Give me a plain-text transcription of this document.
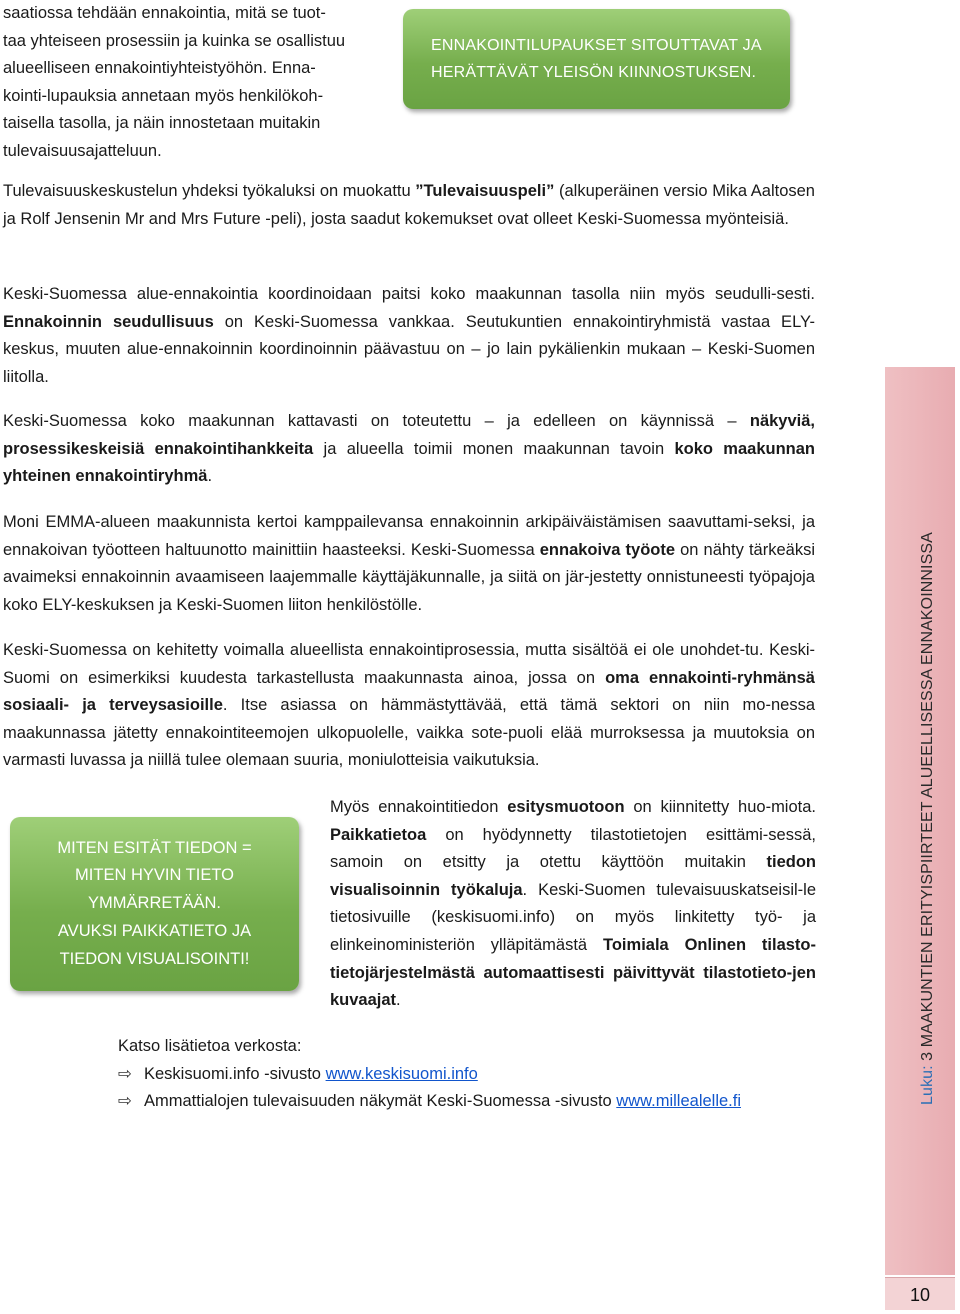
saatiossa tehdään ennakointia, mitä se tuot-
taa yhteiseen prosessiin ja kuinka se osallistuu
alueelliseen ennakointiyhteistyöhön. Enna-
kointi-lupauksia annetaan myös henkilökoh-
taisella tasolla, ja näin innostetaan muitakin
tulevaisuusajatteluun.
ENNAKOINTILUPAUKSET SITOUTTAVAT JA
HERÄTTÄVÄT YLEISÖN KIINNOSTUKSEN.

Tulevaisuuskeskustelun yhdeksi työkaluksi on muokattu ”Tulevaisuuspeli” (alkuperäinen versio Mika Aaltosen ja Rolf Jensenin Mr and Mrs Future -peli), josta saadut kokemukset ovat olleet Keski-Suomessa myönteisiä.

Keski-Suomessa alue-ennakointia koordinoidaan paitsi koko maakunnan tasolla niin myös seudulli-sesti. Ennakoinnin seudullisuus on Keski-Suomessa vankkaa. Seutukuntien ennakointiryhmistä vastaa ELY-keskus, muuten alue-ennakoinnin koordinoinnin päävastuu on – jo lain pykälienkin mukaan – Keski-Suomen liitolla.

Keski-Suomessa koko maakunnan kattavasti on toteutettu – ja edelleen on käynnissä – näkyviä, prosessikeskeisiä ennakointihankkeita ja alueella toimii monen maakunnan tavoin koko maakunnan yhteinen ennakointiryhmä.

Moni EMMA-alueen maakunnista kertoi kamppailevansa ennakoinnin arkipäiväistämisen saavuttami-seksi, ja ennakoivan työotteen haltuunotto mainittiin haasteeksi. Keski-Suomessa ennakoiva työote on nähty tärkeäksi avaimeksi ennakoinnin avaamiseen laajemmalle käyttäjäkunnalle, ja siitä on jär-jestetty onnistuneesti työpajoja koko ELY-keskuksen ja Keski-Suomen liiton henkilöstölle.

Keski-Suomessa on kehitetty voimalla alueellista ennakointiprosessia, mutta sisältöä ei ole unohdet-tu. Keski-Suomi on esimerkiksi kuudesta tarkastellusta maakunnasta ainoa, jossa on oma ennakointi-ryhmänsä sosiaali- ja terveysasioille. Itse asiassa on hämmästyttävää, että tämä sektori on niin mo-nessa maakunnassa jätetty ennakointiteemojen ulkopuolelle, vaikka sote-puoli elää murroksessa ja muutoksia on varmasti luvassa ja niillä tulee olemaan suuria, moniulotteisia vaikutuksia.

MITEN ESITÄT TIEDON =
MITEN HYVIN TIETO
YMMÄRRETÄÄN.
AVUKSI PAIKKATIETO JA
TIEDON VISUALISOINTI!

Myös ennakointitiedon esitysmuotoon on kiinnitetty huo-miota. Paikkatietoa on hyödynnetty tilastotietojen esittämi-sessä, samoin on etsitty ja otettu käyttöön muitakin tiedon visualisoinnin työkaluja. Keski-Suomen tulevaisuuskatseisil-le tietosivuille (keskisuomi.info) on myös linkitetty työ- ja elinkeinoministeriön ylläpitämästä Toimiala Onlinen tilasto-tietojärjestelmästä automaattisesti päivittyvät tilastotieto-jen kuvaajat.

Katso lisätietoa verkosta:
⇨ Keskisuomi.info -sivusto www.keskisuomi.info
⇨ Ammattialojen tulevaisuuden näkymät Keski-Suomessa -sivusto www.millealelle.fi	Luku: 3 MAAKUNTIEN ERITYISPIIRTEET ALUEELLISESSA ENNAKOINNISSA
10
